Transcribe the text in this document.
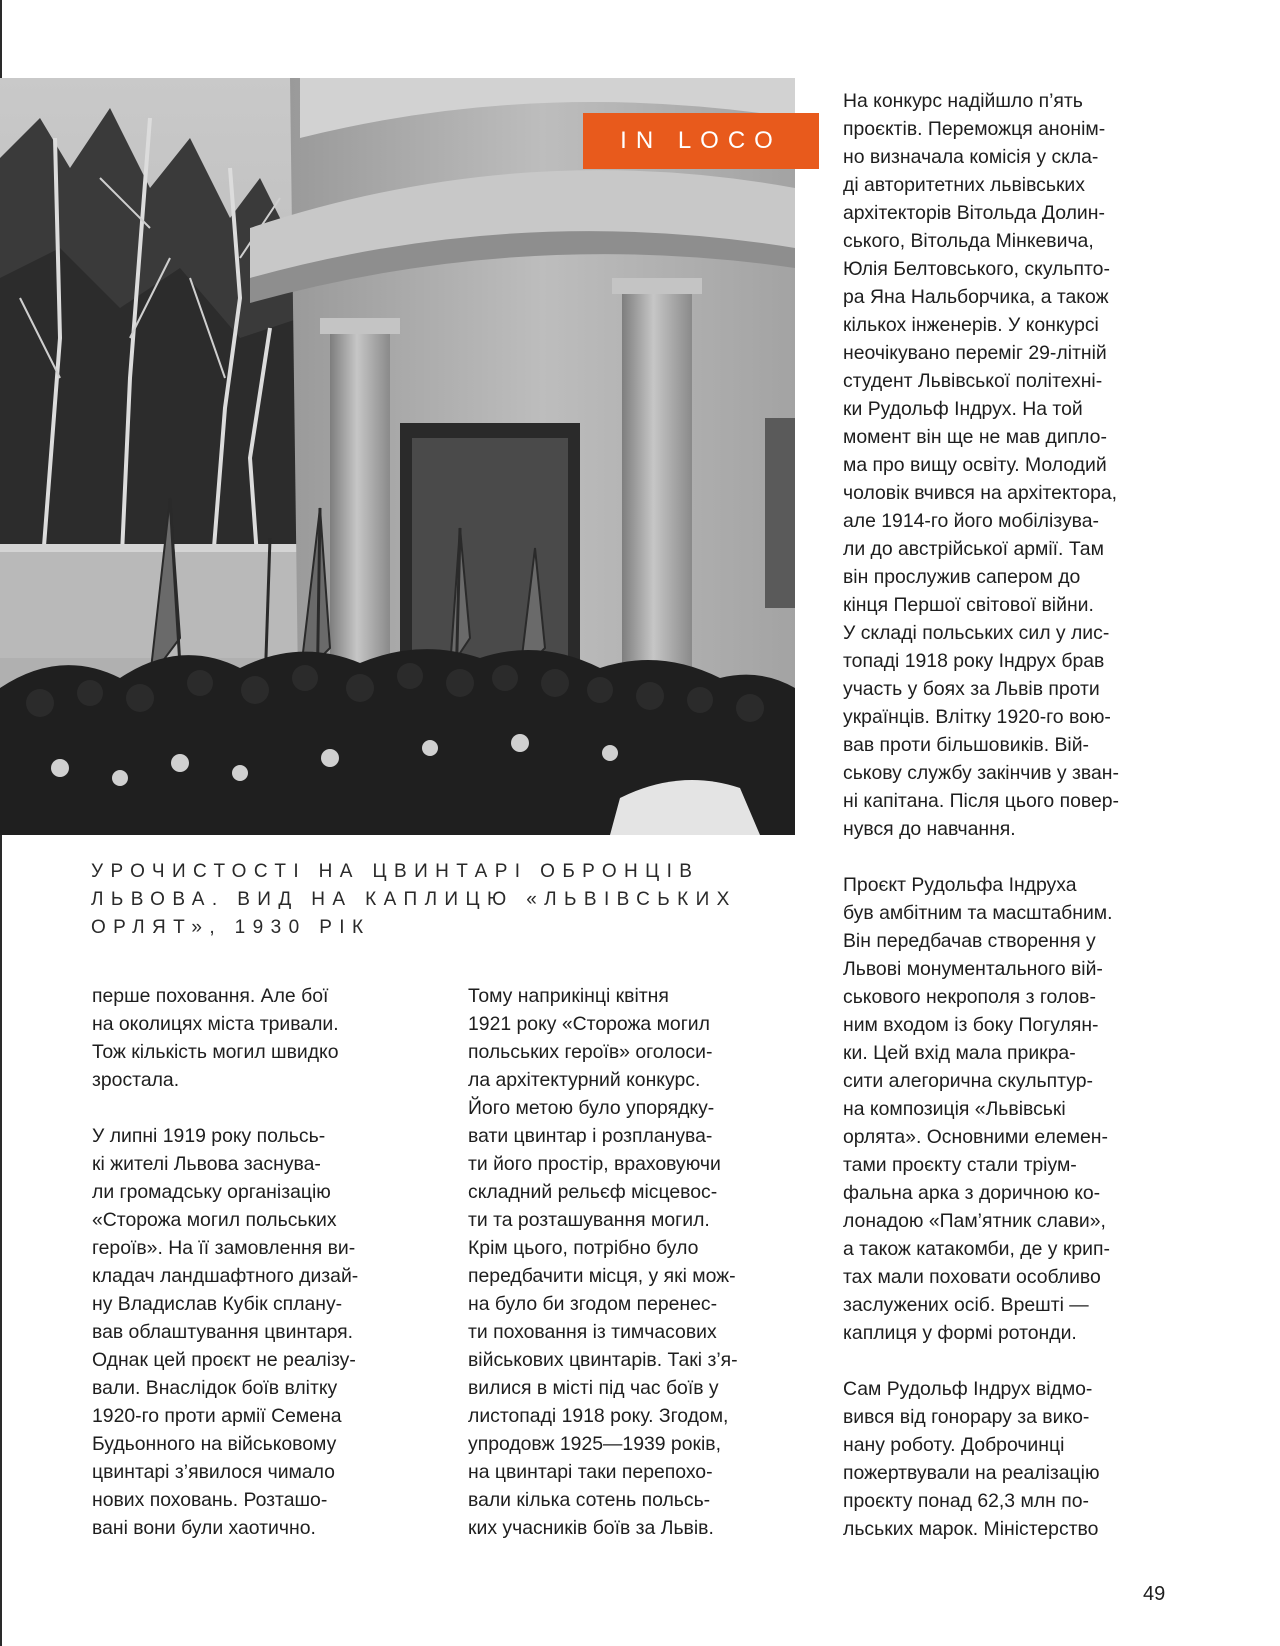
IN LOCO
УРОЧИСТОСТІ НА ЦВИНТАРІ ОБРОНЦІВ
ЛЬВОВА. ВИД НА КАПЛИЦЮ «ЛЬВІВСЬКИХ
ОРЛЯТ», 1930 РІК
перше поховання. Але бої
на околицях міста тривали.
Тож кількість могил швидко
зростала.
У липні 1919 року польсь-
кі жителі Львова заснува-
ли громадську організацію
«Сторожа могил польських
героїв». На її замовлення ви-
кладач ландшафтного дизай-
ну Владислав Кубік сплану-
вав облаштування цвинтаря.
Однак цей проєкт не реалізу-
вали. Внаслідок боїв влітку
1920-го проти армії Семена
Будьонного на військовому
цвинтарі з’явилося чимало
нових поховань. Розташо-
вані вони були хаотично.
Тому наприкінці квітня
1921 року «Сторожа могил
польських героїв» оголоси-
ла архітектурний конкурс.
Його метою було упорядку-
вати цвинтар і розпланува-
ти його простір, враховуючи
складний рельєф місцевос-
ти та розташування могил.
Крім цього, потрібно було
передбачити місця, у які мож-
на було би згодом перенес-
ти поховання із тимчасових
військових цвинтарів. Такі з’я-
вилися в місті під час боїв у
листопаді 1918 року. Згодом,
упродовж 1925—1939 років,
на цвинтарі таки перепохо-
вали кілька сотень польсь-
ких учасників боїв за Львів.
На конкурс надійшло п’ять
проєктів. Переможця анонім-
но визначала комісія у скла-
ді авторитетних львівських
архітекторів Вітольда Долин-
ського, Вітольда Мінкевича,
Юлія Белтовського, скульпто-
ра Яна Нальборчика, а також
кількох інженерів. У конкурсі
неочікувано переміг 29-літній
студент Львівської політехні-
ки Рудольф Індрух. На той
момент він ще не мав дипло-
ма про вищу освіту. Молодий
чоловік вчився на архітектора,
але 1914-го його мобілізува-
ли до австрійської армії. Там
він прослужив сапером до
кінця Першої світової війни.
У складі польських сил у лис-
топаді 1918 року Індрух брав
участь у боях за Львів проти
українців. Влітку 1920-го вою-
вав проти більшовиків. Вій-
ськову службу закінчив у зван-
ні капітана. Після цього повер-
нувся до навчання.
Проєкт Рудольфа Індруха
був амбітним та масштабним.
Він передбачав створення у
Львові монументального вій-
ськового некрополя з голов-
ним входом із боку Погулян-
ки. Цей вхід мала прикра-
сити алегорична скульптур-
на композиція «Львівські
орлята». Основними елемен-
тами проєкту стали тріум-
фальна арка з доричною ко-
лонадою «Пам’ятник слави»,
а також катакомби, де у крип-
тах мали поховати особливо
заслужених осіб. Врешті —
каплиця у формі ротонди.
Сам Рудольф Індрух відмо-
вився від гонорару за вико-
нану роботу. Доброчинці
пожертвували на реалізацію
проєкту понад 62,3 млн по-
льських марок. Міністерство
49
